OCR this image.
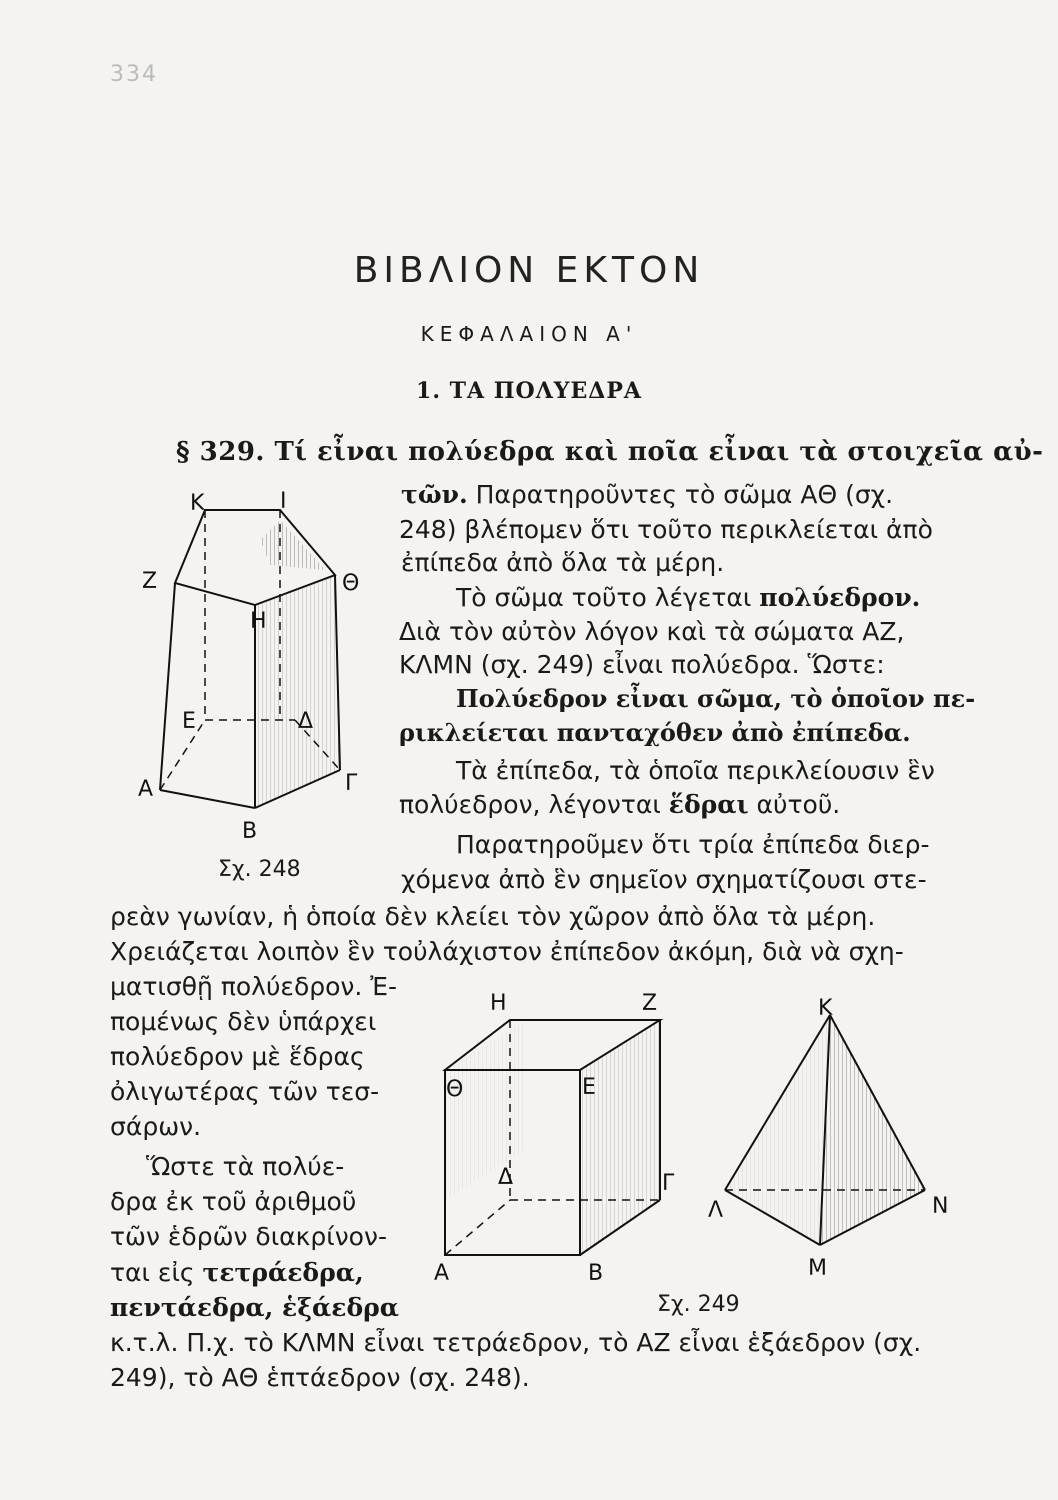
334
ΒΙΒΛΙΟΝ ΕΚΤΟΝ
ΚΕΦΑΛΑΙΟΝ Α'
1. ΤΑ ΠΟΛΥΕΔΡΑ
§ 329. Τί εἶναι πολύεδρα καὶ ποῖα εἶναι τὰ στοιχεῖα αὐ-
τῶν. Παρατηροῦντες τὸ σῶμα ΑΘ (σχ.
248) βλέπομεν ὅτι τοῦτο περικλείεται ἀπὸ
ἐπίπεδα ἀπὸ ὅλα τὰ μέρη.
Τὸ σῶμα τοῦτο λέγεται πολύεδρον.
Διὰ τὸν αὐτὸν λόγον καὶ τὰ σώματα ΑΖ,
ΚΛΜΝ (σχ. 249) εἶναι πολύεδρα. Ὥστε:
Πολύεδρον εἶναι σῶμα, τὸ ὁποῖον πε-
ρικλείεται πανταχόθεν ἀπὸ ἐπίπεδα.
Τὰ ἐπίπεδα, τὰ ὁποῖα περικλείουσιν ἓν
πολύεδρον, λέγονται ἕδραι αὐτοῦ.
Παρατηροῦμεν ὅτι τρία ἐπίπεδα διερ-
χόμενα ἀπὸ ἓν σημεῖον σχηματίζουσι στε-
ρεὰν γωνίαν, ἡ ὁποία δὲν κλείει τὸν χῶρον ἀπὸ ὅλα τὰ μέρη.
Χρειάζεται λοιπὸν ἓν τοὐλάχιστον ἐπίπεδον ἀκόμη, διὰ νὰ σχη-
ματισθῇ πολύεδρον. Ἐ-
πομένως δὲν ὑπάρχει
πολύεδρον μὲ ἕδρας
ὀλιγωτέρας τῶν τεσ-
σάρων.
Ὥστε τὰ πολύε-
δρα ἐκ τοῦ ἀριθμοῦ
τῶν ἑδρῶν διακρίνον-
ται εἰς τετράεδρα,
πεντάεδρα, ἑξάεδρα
κ.τ.λ. Π.χ. τὸ ΚΛΜΝ εἶναι τετράεδρον, τὸ ΑΖ εἶναι ἑξάεδρον (σχ.
249), τὸ ΑΘ ἑπτάεδρον (σχ. 248).
Κ	Ι
Ζ	Θ
Η
Ε	Δ
Α	Γ
Β
Σχ. 248
Η	Ζ
Θ	Ε
Δ	Γ
Α	Β
Κ
Λ	Ν
Μ
Σχ. 249
